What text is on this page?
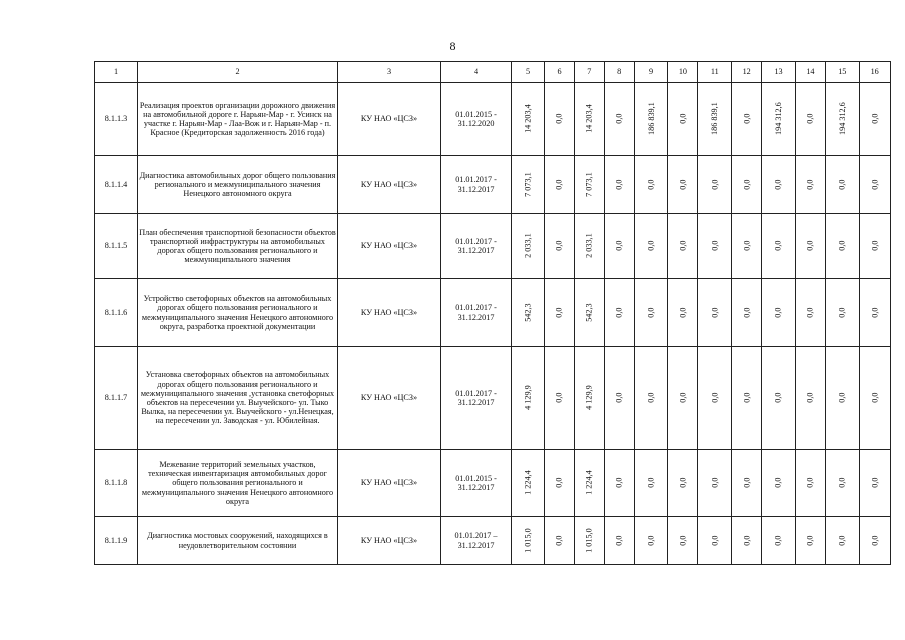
8
1	2	3	4	5	6	7	8	9	10	11	12	13	14	15	16
8.1.1.3	Реализация проектов организации дорожного движения на автомобильной дороге г. Нарьян-Мар - г. Усинск на участке г. Нарьян-Мар - Лаа-Вож и г. Нарьян-Мар - п. Красное (Кредиторская задолженность 2016 года)	КУ НАО «ЦСЗ»	01.01.2015 - 31.12.2020	14 203,4	0,0	14 203,4	0,0	186 839,1	0,0	186 839,1	0,0	194 312,6	0,0	194 312,6	0,0
8.1.1.4	Диагностика автомобильных дорог общего пользования регионального и межмуниципального значения Ненецкого автономного округа	КУ НАО «ЦСЗ»	01.01.2017 - 31.12.2017	7 073,1	0,0	7 073,1	0,0	0,0	0,0	0,0	0,0	0,0	0,0	0,0	0,0
8.1.1.5	План обеспечения транспортной безопасности объектов транспортной инфраструктуры на автомобильных дорогах общего пользования регионального и межмуниципального значения	КУ НАО «ЦСЗ»	01.01.2017 - 31.12.2017	2 033,1	0,0	2 033,1	0,0	0,0	0,0	0,0	0,0	0,0	0,0	0,0	0,0
8.1.1.6	Устройство светофорных объектов на автомобильных дорогах общего пользования регионального и межмуниципального значения Ненецкого автономного округа, разработка проектной документации	КУ НАО «ЦСЗ»	01.01.2017 - 31.12.2017	542,3	0,0	542,3	0,0	0,0	0,0	0,0	0,0	0,0	0,0	0,0	0,0
8.1.1.7	Установка светофорных объектов на автомобильных дорогах общего пользования регионального и межмуниципального значения ,установка светофорных объектов на пересечении ул. Выучейского- ул. Тыко Вылка, на пересечении ул. Выучейского - ул.Ненецкая, на пересечении ул. Заводская - ул. Юбилейная.	КУ НАО «ЦСЗ»	01.01.2017 - 31.12.2017	4 129,9	0,0	4 129,9	0,0	0,0	0,0	0,0	0,0	0,0	0,0	0,0	0,0
8.1.1.8	Межевание территорий земельных участков, техническая инвентаризация автомобильных дорог общего пользования регионального и межмуниципального значения Ненецкого автономного округа	КУ НАО «ЦСЗ»	01.01.2015 - 31.12.2017	1 224,4	0,0	1 224,4	0,0	0,0	0,0	0,0	0,0	0,0	0,0	0,0	0,0
8.1.1.9	Диагностика мостовых сооружений, находящихся в неудовлетворительном состоянии	КУ НАО «ЦСЗ»	01.01.2017 – 31.12.2017	1 015,0	0,0	1 015,0	0,0	0,0	0,0	0,0	0,0	0,0	0,0	0,0	0,0
